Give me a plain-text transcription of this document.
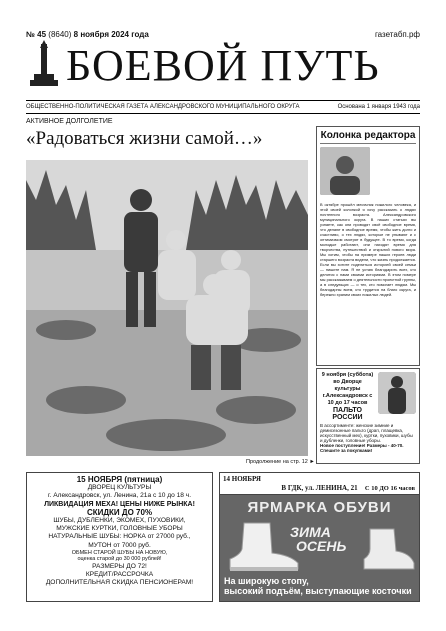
№ 45 (8640) 8 ноября 2024 года	газетабп.рф
БОЕВОЙ ПУТЬ
ОБЩЕСТВЕННО-ПОЛИТИЧЕСКАЯ ГАЗЕТА АЛЕКСАНДРОВСКОГО МУНИЦИПАЛЬНОГО ОКРУГА	Основана 1 января 1943 года
АКТИВНОЕ ДОЛГОЛЕТИЕ
«Радоваться жизни самой…»
Продолжение на стр. 12 ►
Колонка редактора
В октябре прошёл месячник пожилого человека, и этой своей колонкой я хочу рассказать о людях почтенного возраста. Александровского муниципального округа. В наших статьях вы узнаете, как они проводят своё свободное время, что делают в свободное время, чтобы жить долго и счастливо, о тех людях, которые не унывают и с оптимизмом смотрят в будущее. В то время, когда молодые работают, они находят время для творчества, путешествий и открытий нового мира. Мы хотим, чтобы на примере наших героев люди старшего возраста видели, что жизнь продолжается. Если вы хотите поделиться историей своей семьи — пишите нам. Я не устаю благодарить всех, кто делится с нами своими историями. В этом номере мы рассказываем о деятельности проектной группы, а в следующих — о тех, кто помогает людям. Мы благодарны всем, кто трудится на благо округа, и бережно храним своих пожилых людей.
9 ноября (суббота) во Дворце культуры г.Александровск с 10 до 17 часов
ПАЛЬТО РОССИИ
В ассортименте: женские зимние и демисезонные пальто (драп, плащевка, искусственный мех), куртки, пуховики, шубы и дубленки, головные уборы.
Новое поступление! Размеры - 40-70.
Спешите за покупками!
15 НОЯБРЯ (пятница)
ДВОРЕЦ КУЛЬТУРЫ
г. Александровск, ул. Ленина, 21а с 10 до 18 ч.
ЛИКВИДАЦИЯ МЕХА! ЦЕНЫ НИЖЕ РЫНКА!
СКИДКИ ДО 70%
ШУБЫ, ДУБЛЕНКИ, ЭКОМЕХ, ПУХОВИКИ,
МУЖСКИЕ КУРТКИ, ГОЛОВНЫЕ УБОРЫ
НАТУРАЛЬНЫЕ ШУБЫ: НОРКА от 27000 руб.,
МУТОН от 7000 руб.
ОБМЕН СТАРОЙ ШУБЫ НА НОВУЮ,
оценка старой до 30 000 рублей!
РАЗМЕРЫ ДО 72!
КРЕДИТ/РАССРОЧКА
ДОПОЛНИТЕЛЬНАЯ СКИДКА ПЕНСИОНЕРАМ!
14 НОЯБРЯ
В ГДК, ул. ЛЕНИНА, 21	С 10 ДО 16 часов
ЯРМАРКА ОБУВИ
ЗИМА
ОСЕНЬ
На широкую стопу,
высокий подъём, выступающие косточки
